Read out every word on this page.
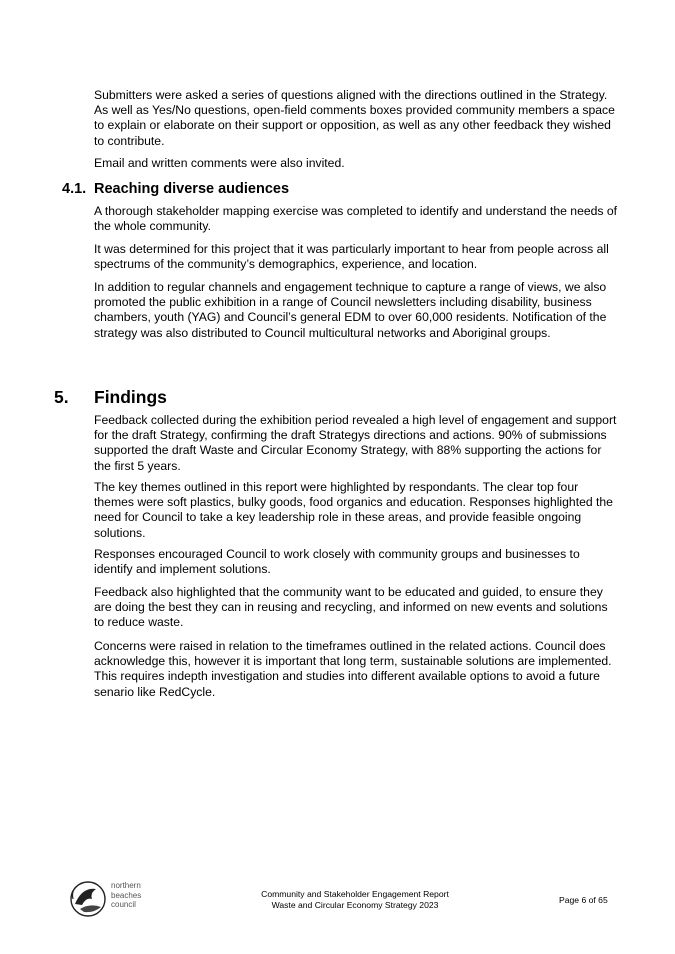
Submitters were asked a series of questions aligned with the directions outlined in the Strategy. As well as Yes/No questions, open-field comments boxes provided community members a space to explain or elaborate on their support or opposition, as well as any other feedback they wished to contribute.

Email and written comments were also invited.

4.1. Reaching diverse audiences

A thorough stakeholder mapping exercise was completed to identify and understand the needs of the whole community.

It was determined for this project that it was particularly important to hear from people across all spectrums of the community’s demographics, experience, and location.

In addition to regular channels and engagement technique to capture a range of views, we also promoted the public exhibition in a range of Council newsletters including disability, business chambers, youth (YAG) and Council’s general EDM to over 60,000 residents. Notification of the strategy was also distributed to Council multicultural networks and Aboriginal groups.

5. Findings

Feedback collected during the exhibition period revealed a high level of engagement and support for the draft Strategy, confirming the draft Strategys directions and actions. 90% of submissions supported the draft Waste and Circular Economy Strategy, with 88% supporting the actions for the first 5 years.

The key themes outlined in this report were highlighted by respondants. The clear top four themes were soft plastics, bulky goods, food organics and education. Responses highlighted the need for Council to take a key leadership role in these areas, and provide feasible ongoing solutions.

Responses encouraged Council to work closely with community groups and businesses to identify and implement solutions.

Feedback also highlighted that the community want to be educated and guided, to ensure they are doing the best they can in reusing and recycling, and informed on new events and solutions to reduce waste.

Concerns were raised in relation to the timeframes outlined in the related actions. Council does acknowledge this, however it is important that long term, sustainable solutions are implemented. This requires indepth investigation and studies into different available options to avoid a future senario like RedCycle.

northern
beaches
council
Community and Stakeholder Engagement Report
Waste and Circular Economy Strategy 2023	Page 6 of 65
